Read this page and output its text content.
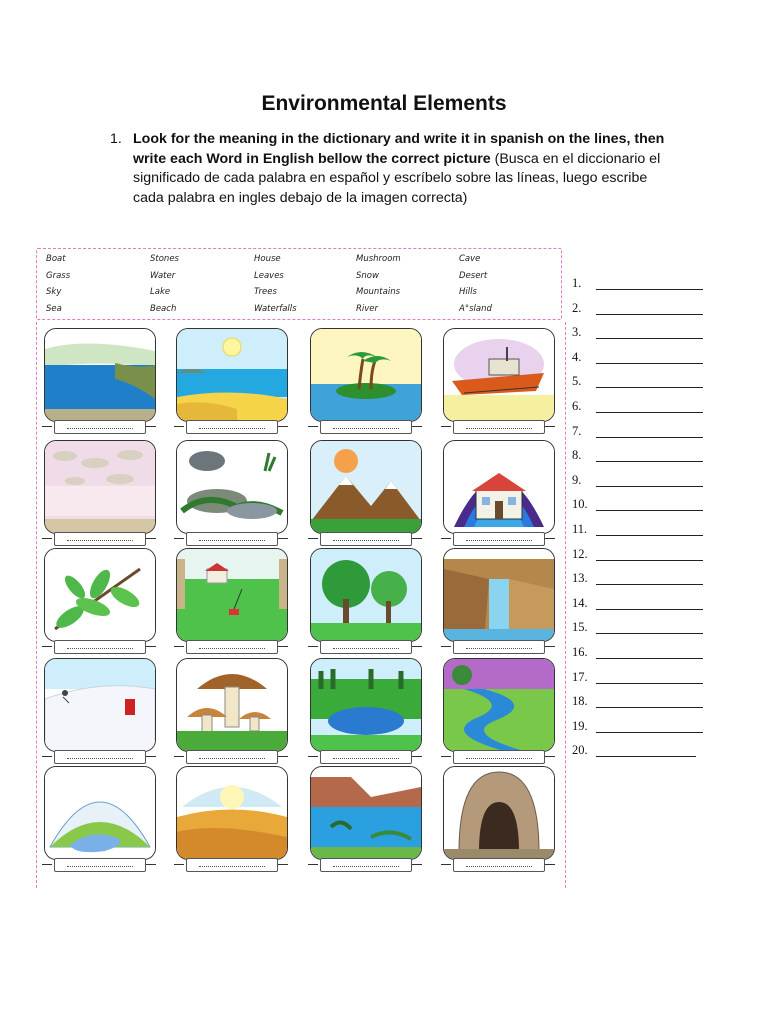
Environmental Elements
1. Look for the meaning in the dictionary and write it in spanish on the lines, then write each Word in English bellow the correct picture (Busca en el diccionario el significado de cada palabra en español y escríbelo sobre las líneas, luego escribe cada palabra en ingles debajo de la imagen correcta)
Boat	Stones	House	Mushroom	Cave
Grass	Water	Leaves	Snow	Desert
Sky	Lake	Trees	Mountains	Hills
Sea	Beach	Waterfalls	River	A°sland
1.
2.
3.
4.
5.
6.
7.
8.
9.
10.
11.
12.
13.
14.
15.
16.
17.
18.
19.
20.
